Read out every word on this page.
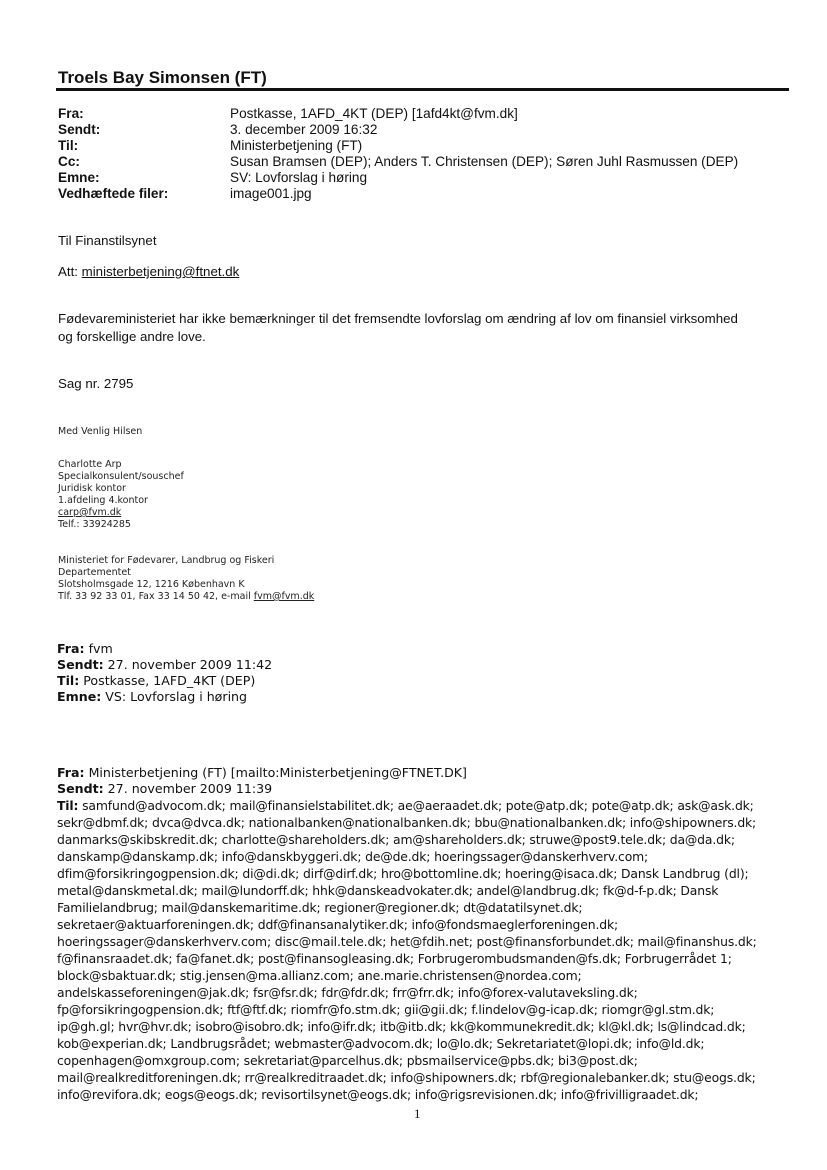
Troels Bay Simonsen (FT)
Fra:	Postkasse, 1AFD_4KT (DEP) [1afd4kt@fvm.dk]
Sendt:	3. december 2009 16:32
Til:	Ministerbetjening (FT)
Cc:	Susan Bramsen (DEP); Anders T. Christensen (DEP); Søren Juhl Rasmussen (DEP)
Emne:	SV: Lovforslag i høring
Vedhæftede filer:	image001.jpg
Til Finanstilsynet
Att: ministerbetjening@ftnet.dk
Fødevareministeriet har ikke bemærkninger til det fremsendte lovforslag om ændring af lov om finansiel virksomhed
og forskellige andre love.
Sag nr. 2795
Med Venlig Hilsen
Charlotte Arp
Specialkonsulent/souschef
Juridisk kontor
1.afdeling 4.kontor
carp@fvm.dk
Telf.: 33924285
Ministeriet for Fødevarer, Landbrug og Fiskeri
Departementet
Slotsholmsgade 12, 1216 København K
Tlf. 33 92 33 01, Fax 33 14 50 42, e-mail fvm@fvm.dk
Fra: fvm
Sendt: 27. november 2009 11:42
Til: Postkasse, 1AFD_4KT (DEP)
Emne: VS: Lovforslag i høring
Fra: Ministerbetjening (FT) [mailto:Ministerbetjening@FTNET.DK]
Sendt: 27. november 2009 11:39
Til: samfund@advocom.dk; mail@finansielstabilitet.dk; ae@aeraadet.dk; pote@atp.dk; pote@atp.dk; ask@ask.dk;
sekr@dbmf.dk; dvca@dvca.dk; nationalbanken@nationalbanken.dk; bbu@nationalbanken.dk; info@shipowners.dk;
danmarks@skibskredit.dk; charlotte@shareholders.dk; am@shareholders.dk; struwe@post9.tele.dk; da@da.dk;
danskamp@danskamp.dk; info@danskbyggeri.dk; de@de.dk; hoeringssager@danskerhverv.com;
dfim@forsikringogpension.dk; di@di.dk; dirf@dirf.dk; hro@bottomline.dk; hoering@isaca.dk; Dansk Landbrug (dl);
metal@danskmetal.dk; mail@lundorff.dk; hhk@danskeadvokater.dk; andel@landbrug.dk; fk@d-f-p.dk; Dansk
Familielandbrug; mail@danskemaritime.dk; regioner@regioner.dk; dt@datatilsynet.dk;
sekretaer@aktuarforeningen.dk; ddf@finansanalytiker.dk; info@fondsmaeglerforeningen.dk;
hoeringssager@danskerhverv.com; disc@mail.tele.dk; het@fdih.net; post@finansforbundet.dk; mail@finanshus.dk;
f@finansraadet.dk; fa@fanet.dk; post@finansogleasing.dk; Forbrugerombudsmanden@fs.dk; Forbrugerrådet 1;
block@sbaktuar.dk; stig.jensen@ma.allianz.com; ane.marie.christensen@nordea.com;
andelskasseforeningen@jak.dk; fsr@fsr.dk; fdr@fdr.dk; frr@frr.dk; info@forex-valutaveksling.dk;
fp@forsikringogpension.dk; ftf@ftf.dk; riomfr@fo.stm.dk; gii@gii.dk; f.lindelov@g-icap.dk; riomgr@gl.stm.dk;
ip@gh.gl; hvr@hvr.dk; isobro@isobro.dk; info@ifr.dk; itb@itb.dk; kk@kommunekredit.dk; kl@kl.dk; ls@lindcad.dk;
kob@experian.dk; Landbrugsrådet; webmaster@advocom.dk; lo@lo.dk; Sekretariatet@lopi.dk; info@ld.dk;
copenhagen@omxgroup.com; sekretariat@parcelhus.dk; pbsmailservice@pbs.dk; bi3@post.dk;
mail@realkreditforeningen.dk; rr@realkreditraadet.dk; info@shipowners.dk; rbf@regionalebanker.dk; stu@eogs.dk;
info@revifora.dk; eogs@eogs.dk; revisortilsynet@eogs.dk; info@rigsrevisionen.dk; info@frivilligraadet.dk;
1
